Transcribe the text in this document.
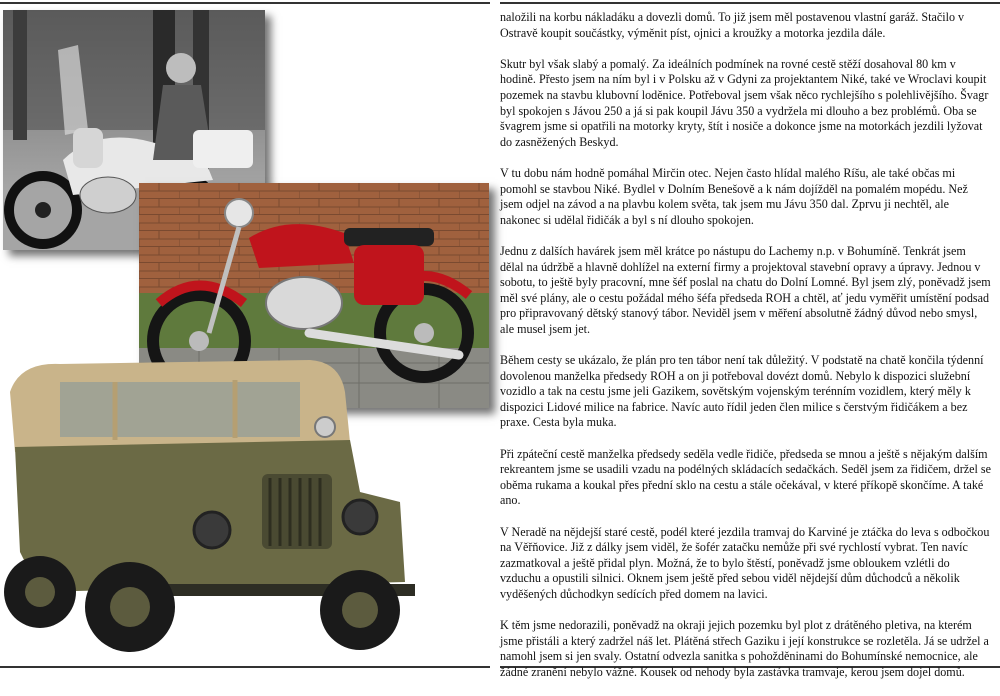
naložili na korbu nákladáku a dovezli domů. To již jsem měl postavenou vlastní garáž. Stačilo v Ostravě koupit součástky, výměnit píst, ojnici a kroužky a motorka jezdila dále.

Skutr byl však slabý a pomalý. Za ideálních podmínek na rovné cestě stěží dosahoval 80 km v hodině. Přesto jsem na ním byl i v Polsku až v Gdyni za projektantem Niké, také ve Wroclavi koupit pozemek na stavbu klubovní loděnice. Potřeboval jsem však něco rychlejšího s polehlivějšího. Švagr byl spokojen s Jávou 250 a já si pak koupil Jávu 350 a vydržela mi dlouho a bez problémů. Oba se švagrem jsme si opatřili na motorky kryty, štít i nosiče a dokonce jsme na motorkách jezdili lyžovat do zasněžených Beskyd.

V tu dobu nám hodně pomáhal Mirčin otec. Nejen často hlídal malého Ríšu, ale také občas mi pomohl se stavbou Niké. Bydlel v Dolním Benešově a k nám dojížděl na pomalém mopédu. Než jsem odjel na závod a na plavbu kolem světa, tak jsem mu Jávu 350 dal. Zprvu ji nechtěl, ale nakonec si udělal řidičák a byl s ní dlouho spokojen.

Jednu z dalších havárek jsem měl krátce po nástupu do Lachemy n.p. v Bohumíně. Tenkrát jsem dělal na údržbě a hlavně dohlížel na externí firmy a projektoval stavební opravy a úpravy. Jednou v sobotu, to ještě byly pracovní, mne šéf poslal na chatu do Dolní Lomné. Byl jsem zlý, poněvadž jsem měl své plány, ale o cestu požádal mého šéfa předseda ROH a chtěl, ať jedu vyměřit umístění podsad pro připravovaný dětský stanový tábor. Neviděl jsem v měření absolutně žádný důvod nebo smysl, ale musel jsem jet.

Během cesty se ukázalo, že plán pro ten tábor není tak důležitý. V podstatě na chatě končila týdenní dovolenou manželka předsedy ROH a on ji potřeboval dovézt domů. Nebylo k dispozici služební vozidlo a tak na cestu jsme jeli Gazikem, sovětským vojenským terénním vozidlem, který měly k dispozici Lidové milice na fabrice. Navíc auto řídil jeden člen milice s čerstvým řidičákem a bez praxe. Cesta byla muka.

Při zpáteční cestě manželka předsedy seděla vedle řidiče, předseda se mnou a ještě s nějakým dalším rekreantem jsme se usadili vzadu na podélných skládacích sedačkách. Seděl jsem za řidičem, držel se oběma rukama a koukal přes přední sklo na cestu a stále očekával, v které příkopě skončíme. A také ano.

V Neradě na nějdejší staré cestě, podél které jezdila tramvaj do Karviné je ztáčka do leva s odbočkou na Věřňovice. Již z dálky jsem viděl, že šofér zatačku nemůže při své rychlostí vybrat. Ten navíc zazmatkoval a ještě přidal plyn. Možná, že to bylo štěstí, poněvadž jsme obloukem vzlétli do vzduchu a opustili silnici. Oknem jsem ještě před sebou viděl nějdejší dům důchodců a několik vyděšených důchodkyn sedících před domem na lavici.

K těm jsme nedorazili, poněvadž na okraji jejich pozemku byl plot z drátěného pletiva, na kterém jsme přistáli a který zadržel náš let. Plátěná střech Gaziku i její konstrukce se rozletěla. Já se udržel a namohl jsem si jen svaly. Ostatní odvezla sanitka s pohožděninami do Bohumínské nemocnice, ale žádné zranění nebylo vážné. Kousek od nehody byla zastávka tramvaje, kerou jsem dojel domů.
